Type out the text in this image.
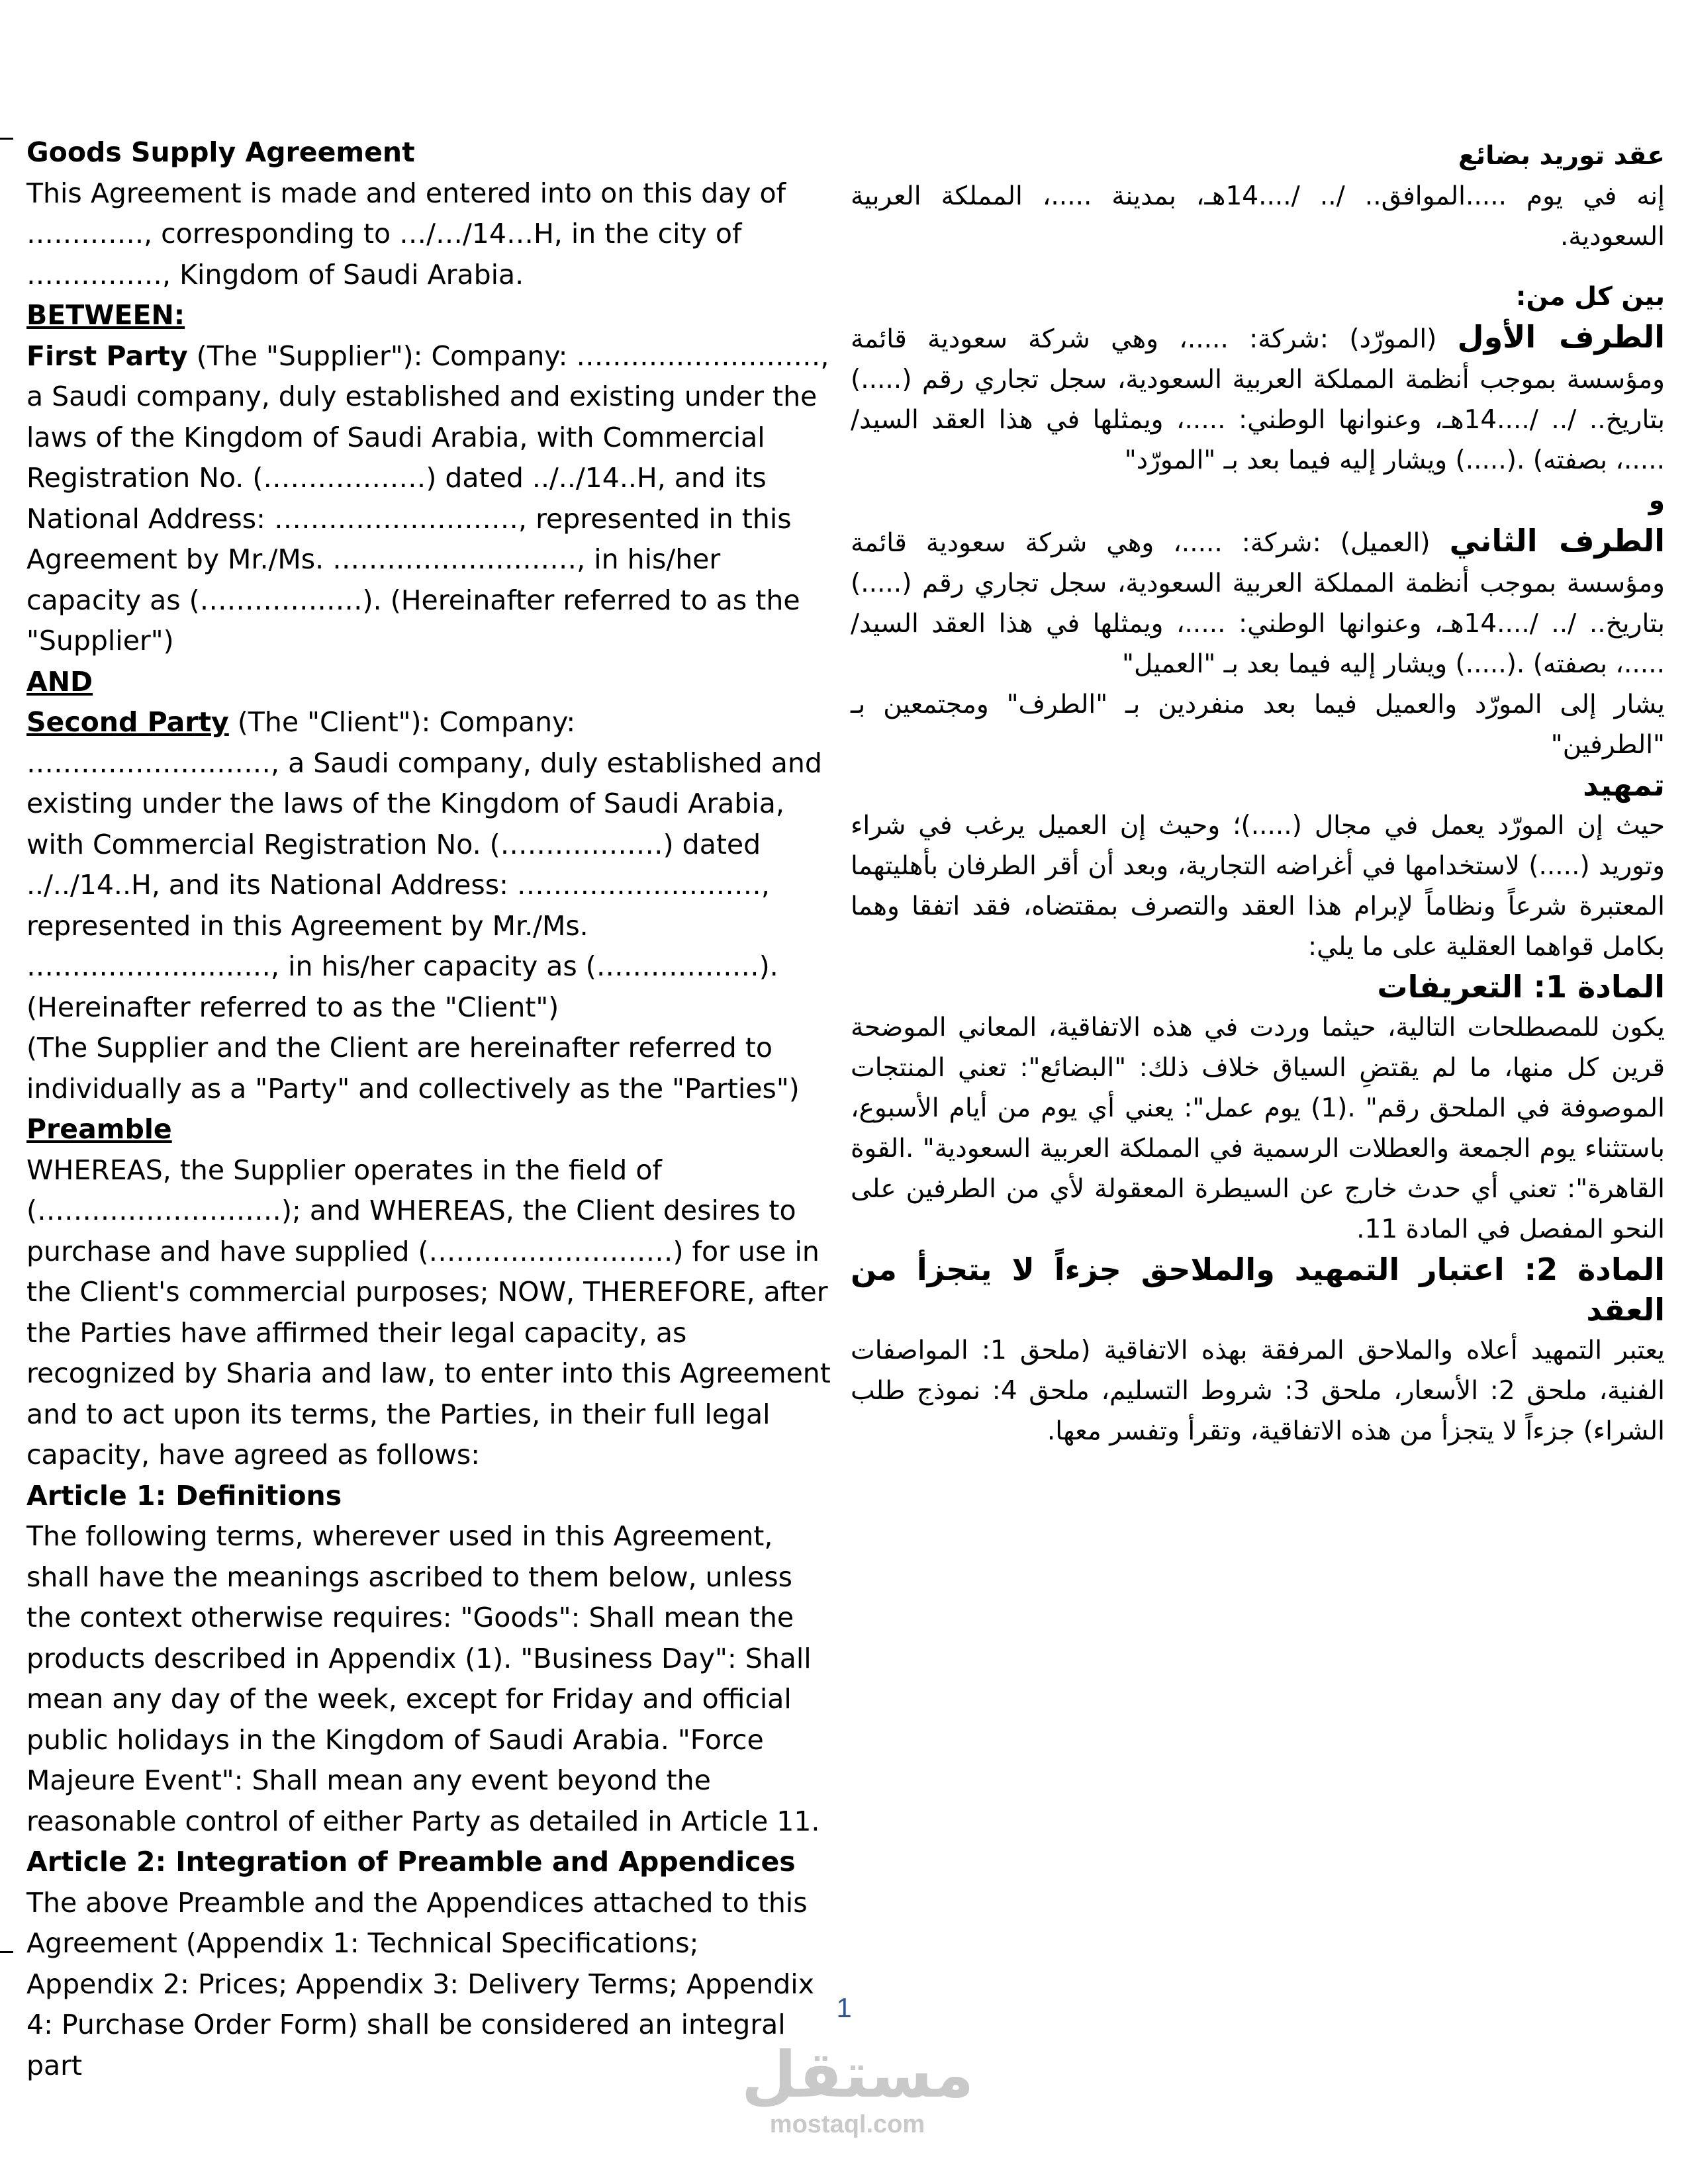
Goods Supply Agreement

This Agreement is made and entered into on this day of …………., corresponding to …/…/14…H, in the city of ……………, Kingdom of Saudi Arabia.

BETWEEN:

First Party (The "Supplier"): Company: ………………………, a Saudi company, duly established and existing under the laws of the Kingdom of Saudi Arabia, with Commercial Registration No. (………………) dated ../../14..H, and its National Address: ………………………, represented in this Agreement by Mr./Ms. ………………………, in his/her capacity as (………………). (Hereinafter referred to as the "Supplier")

AND

Second Party (The "Client"): Company: ………………………, a Saudi company, duly established and existing under the laws of the Kingdom of Saudi Arabia, with Commercial Registration No. (………………) dated ../../14..H, and its National Address: ………………………, represented in this Agreement by Mr./Ms. ………………………, in his/her capacity as (………………). (Hereinafter referred to as the "Client")

(The Supplier and the Client are hereinafter referred to individually as a "Party" and collectively as the "Parties")

Preamble

WHEREAS, the Supplier operates in the field of (………………………); and WHEREAS, the Client desires to purchase and have supplied (………………………) for use in the Client's commercial purposes; NOW, THEREFORE, after the Parties have affirmed their legal capacity, as recognized by Sharia and law, to enter into this Agreement and to act upon its terms, the Parties, in their full legal capacity, have agreed as follows:

Article 1: Definitions

The following terms, wherever used in this Agreement, shall have the meanings ascribed to them below, unless the context otherwise requires: "Goods": Shall mean the products described in Appendix (1). "Business Day": Shall mean any day of the week, except for Friday and official public holidays in the Kingdom of Saudi Arabia. "Force Majeure Event": Shall mean any event beyond the reasonable control of either Party as detailed in Article 11.

Article 2: Integration of Preamble and Appendices

The above Preamble and the Appendices attached to this Agreement (Appendix 1: Technical Specifications; Appendix 2: Prices; Appendix 3: Delivery Terms; Appendix 4: Purchase Order Form) shall be considered an integral part

عقد توريد بضائع

إنه في يوم .....الموافق.. /.. /....14هـ، بمدينة .....، المملكة العربية السعودية.

بين كل من:

الطرف الأول (المورّد) :شركة: .....، وهي شركة سعودية قائمة ومؤسسة بموجب أنظمة المملكة العربية السعودية، سجل تجاري رقم (.....) بتاريخ.. /.. /....14هـ، وعنوانها الوطني: .....، ويمثلها في هذا العقد السيد/ .....، بصفته) .(.....) ويشار إليه فيما بعد بـ "المورّد"

و

الطرف الثاني (العميل) :شركة: .....، وهي شركة سعودية قائمة ومؤسسة بموجب أنظمة المملكة العربية السعودية، سجل تجاري رقم (.....) بتاريخ.. /.. /....14هـ، وعنوانها الوطني: .....، ويمثلها في هذا العقد السيد/ .....، بصفته) .(.....) ويشار إليه فيما بعد بـ "العميل"

يشار إلى المورّد والعميل فيما بعد منفردين بـ "الطرف" ومجتمعين بـ "الطرفين"

تمهيد

حيث إن المورّد يعمل في مجال (.....)؛ وحيث إن العميل يرغب في شراء وتوريد (.....) لاستخدامها في أغراضه التجارية، وبعد أن أقر الطرفان بأهليتهما المعتبرة شرعاً ونظاماً لإبرام هذا العقد والتصرف بمقتضاه، فقد اتفقا وهما بكامل قواهما العقلية على ما يلي:

المادة 1: التعريفات

يكون للمصطلحات التالية، حيثما وردت في هذه الاتفاقية، المعاني الموضحة قرين كل منها، ما لم يقتضِ السياق خلاف ذلك: "البضائع": تعني المنتجات الموصوفة في الملحق رقم" .(1) يوم عمل": يعني أي يوم من أيام الأسبوع، باستثناء يوم الجمعة والعطلات الرسمية في المملكة العربية السعودية" .القوة القاهرة": تعني أي حدث خارج عن السيطرة المعقولة لأي من الطرفين على النحو المفصل في المادة 11.

المادة 2: اعتبار التمهيد والملاحق جزءاً لا يتجزأ من العقد

يعتبر التمهيد أعلاه والملاحق المرفقة بهذه الاتفاقية (ملحق 1: المواصفات الفنية، ملحق 2: الأسعار، ملحق 3: شروط التسليم، ملحق 4: نموذج طلب الشراء) جزءاً لا يتجزأ من هذه الاتفاقية، وتقرأ وتفسر معها.

1
مستقل
mostaql.com
